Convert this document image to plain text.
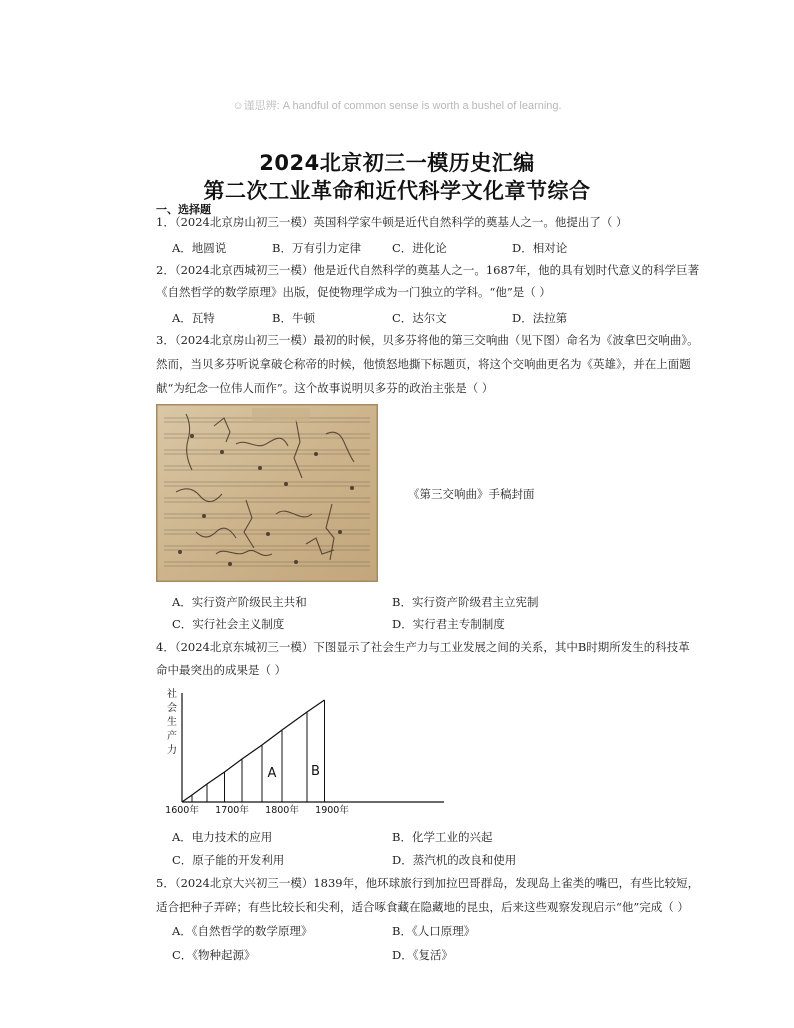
☺谨思辨: A handful of common sense is worth a bushel of learning.
2024北京初三一模历史汇编
第二次工业革命和近代科学文化章节综合
一、选择题
1．（2024北京房山初三一模）英国科学家牛顿是近代自然科学的奠基人之一。他提出了（ ）
A．地圆说	B．万有引力定律	C．进化论	D．相对论
2．（2024北京西城初三一模）他是近代自然科学的奠基人之一。1687年，他的具有划时代意义的科学巨著
《自然哲学的数学原理》出版，促使物理学成为一门独立的学科。“他”是（ ）
A．瓦特	B．牛顿	C．达尔文	D．法拉第
3．（2024北京房山初三一模）最初的时候，贝多芬将他的第三交响曲（见下图）命名为《波拿巴交响曲》。
然而，当贝多芬听说拿破仑称帝的时候，他愤怒地撕下标题页，将这个交响曲更名为《英雄》，并在上面题
献“为纪念一位伟人而作”。这个故事说明贝多芬的政治主张是（ ）
《第三交响曲》手稿封面
A．实行资产阶级民主共和	B．实行资产阶级君主立宪制
C．实行社会主义制度	D．实行君主专制制度
4．（2024北京东城初三一模）下图显示了社会生产力与工业发展之间的关系，其中B时期所发生的科技革
命中最突出的成果是（ ）
社
会
生
产
力
1600年 1700年 1800年 1900年
A	B
A．电力技术的应用	B．化学工业的兴起
C．原子能的开发利用	D．蒸汽机的改良和使用
5．（2024北京大兴初三一模）1839年，他环球旅行到加拉巴哥群岛，发现岛上雀类的嘴巴，有些比较短，
适合把种子弄碎；有些比较长和尖利，适合啄食藏在隐藏地的昆虫，后来这些观察发现启示“他”完成（ ）
A．《自然哲学的数学原理》	B．《人口原理》
C．《物种起源》	D．《复活》
